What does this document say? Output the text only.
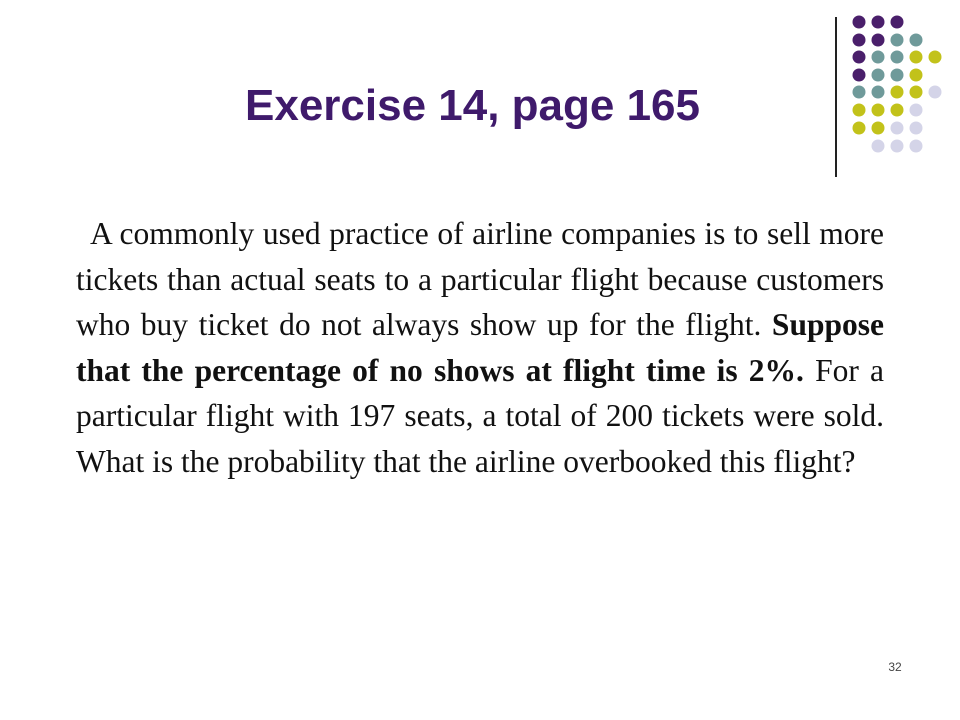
Exercise 14, page 165

A commonly used practice of airline companies is to sell more tickets than actual seats to a particular flight because customers who buy ticket do not always show up for the flight. Suppose that the percentage of no shows at flight time is 2%. For a particular flight with 197 seats, a total of 200 tickets were sold. What is the probability that the airline overbooked this flight?

32
